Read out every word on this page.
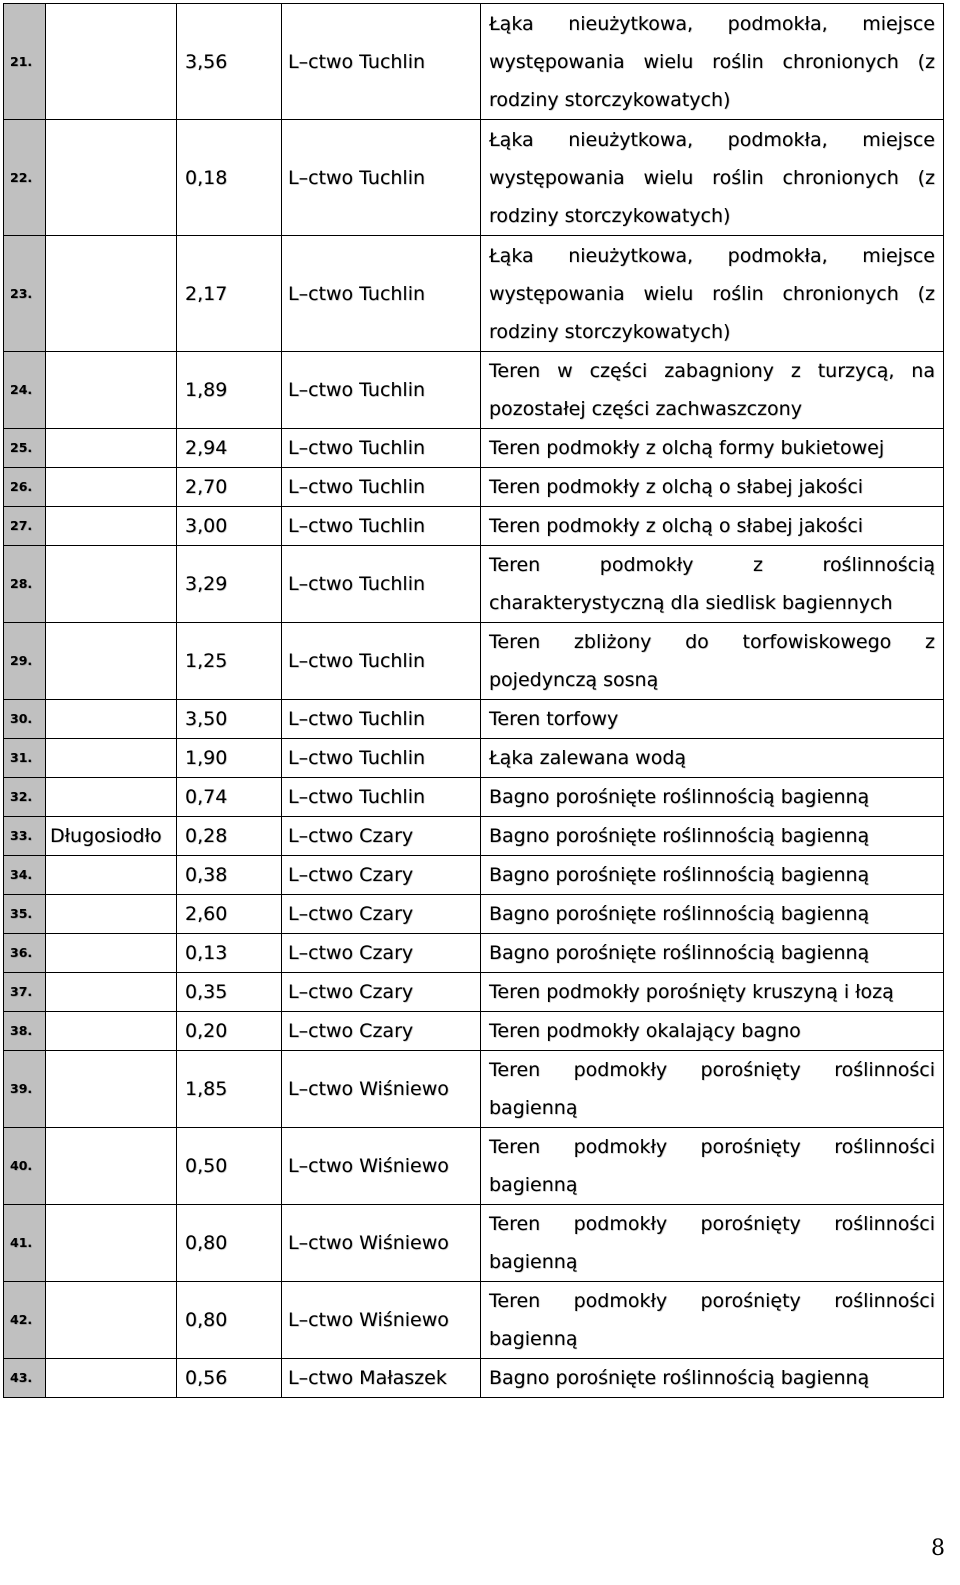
21.		3,56	L–ctwo Tuchlin	Łąka nieużytkowa, podmokła, miejsce występowania wielu roślin chronionych (z rodziny storczykowatych)
22.		0,18	L–ctwo Tuchlin	Łąka nieużytkowa, podmokła, miejsce występowania wielu roślin chronionych (z rodziny storczykowatych)
23.		2,17	L–ctwo Tuchlin	Łąka nieużytkowa, podmokła, miejsce występowania wielu roślin chronionych (z rodziny storczykowatych)
24.		1,89	L–ctwo Tuchlin	Teren w części zabagniony z turzycą, na pozostałej części zachwaszczony
25.		2,94	L–ctwo Tuchlin	Teren podmokły z olchą formy bukietowej
26.		2,70	L–ctwo Tuchlin	Teren podmokły z olchą o słabej jakości
27.		3,00	L–ctwo Tuchlin	Teren podmokły z olchą o słabej jakości
28.		3,29	L–ctwo Tuchlin	Teren podmokły z roślinnością charakterystyczną dla siedlisk bagiennych
29.		1,25	L–ctwo Tuchlin	Teren zbliżony do torfowiskowego z pojedynczą sosną
30.		3,50	L–ctwo Tuchlin	Teren torfowy
31.		1,90	L–ctwo Tuchlin	Łąka zalewana wodą
32.		0,74	L–ctwo Tuchlin	Bagno porośnięte roślinnością bagienną
33.	Długosiodło	0,28	L–ctwo Czary	Bagno porośnięte roślinnością bagienną
34.		0,38	L–ctwo Czary	Bagno porośnięte roślinnością bagienną
35.		2,60	L–ctwo Czary	Bagno porośnięte roślinnością bagienną
36.		0,13	L–ctwo Czary	Bagno porośnięte roślinnością bagienną
37.		0,35	L–ctwo Czary	Teren podmokły porośnięty kruszyną i łozą
38.		0,20	L–ctwo Czary	Teren podmokły okalający bagno
39.		1,85	L–ctwo Wiśniewo	Teren podmokły porośnięty roślinności bagienną
40.		0,50	L–ctwo Wiśniewo	Teren podmokły porośnięty roślinności bagienną
41.		0,80	L–ctwo Wiśniewo	Teren podmokły porośnięty roślinności bagienną
42.		0,80	L–ctwo Wiśniewo	Teren podmokły porośnięty roślinności bagienną
43.		0,56	L–ctwo Małaszek	Bagno porośnięte roślinnością bagienną
8
